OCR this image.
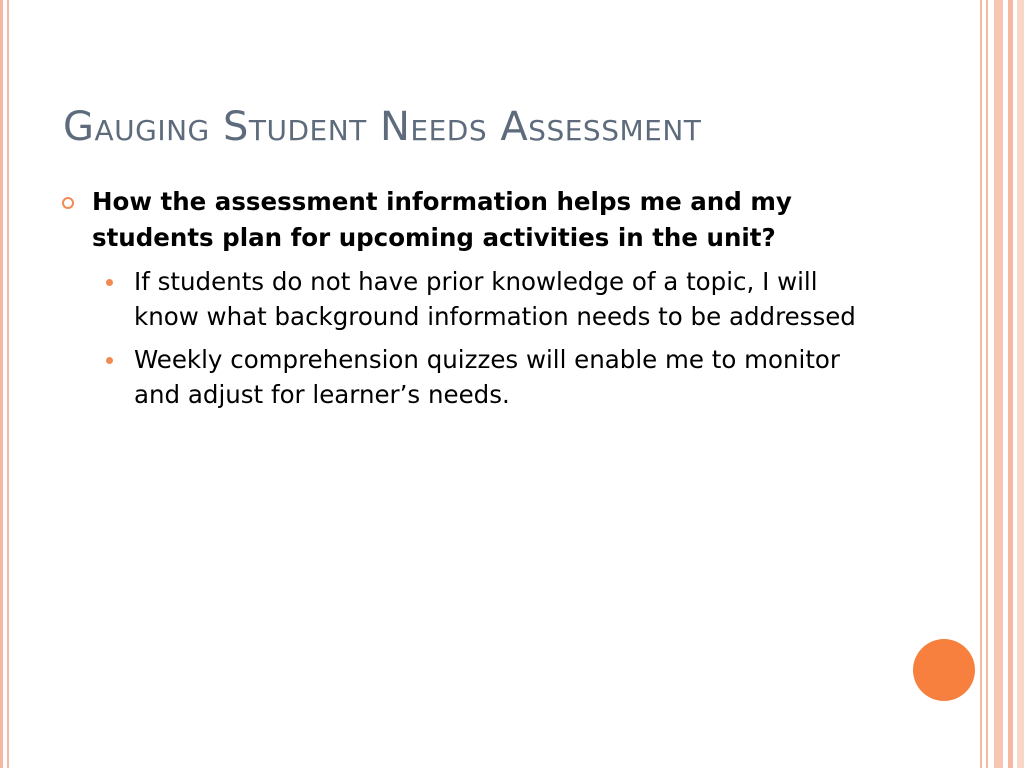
Gauging Student Needs Assessment
How the assessment information helps me and my students plan for upcoming activities in the unit?
If students do not have prior knowledge of a topic, I will know what background information needs to be addressed
Weekly comprehension quizzes will enable me to monitor and adjust for learner’s needs.
